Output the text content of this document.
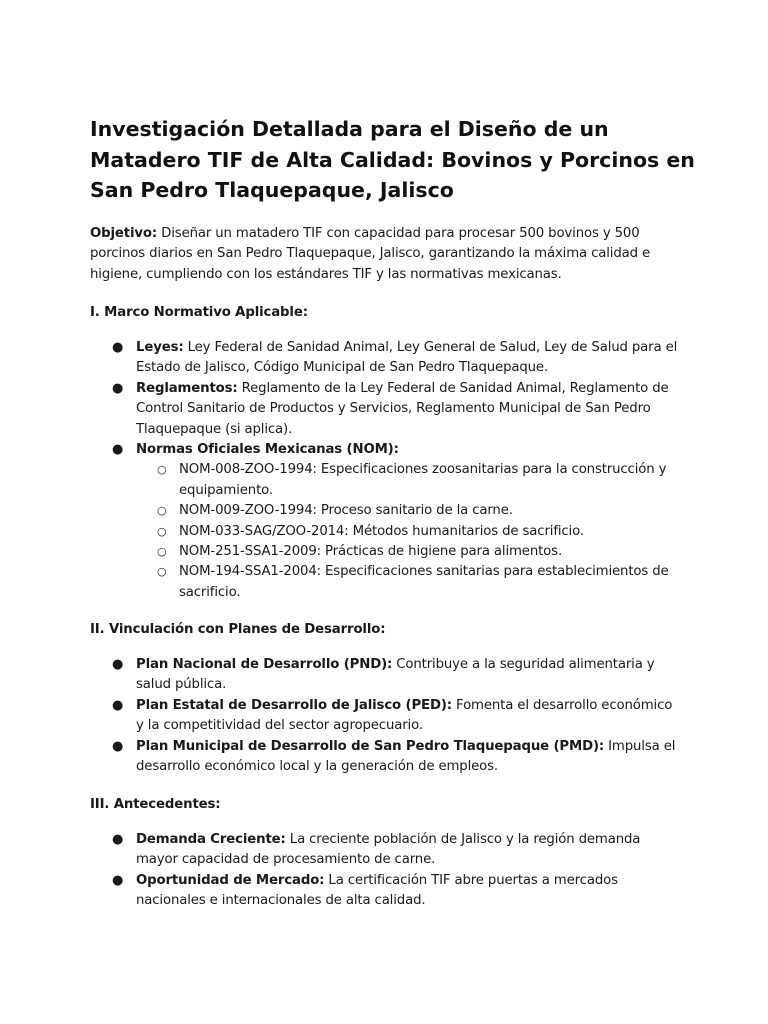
Investigación Detallada para el Diseño de un Matadero TIF de Alta Calidad: Bovinos y Porcinos en San Pedro Tlaquepaque, Jalisco

Objetivo: Diseñar un matadero TIF con capacidad para procesar 500 bovinos y 500 porcinos diarios en San Pedro Tlaquepaque, Jalisco, garantizando la máxima calidad e higiene, cumpliendo con los estándares TIF y las normativas mexicanas.

I. Marco Normativo Aplicable:

● Leyes: Ley Federal de Sanidad Animal, Ley General de Salud, Ley de Salud para el Estado de Jalisco, Código Municipal de San Pedro Tlaquepaque.
● Reglamentos: Reglamento de la Ley Federal de Sanidad Animal, Reglamento de Control Sanitario de Productos y Servicios, Reglamento Municipal de San Pedro Tlaquepaque (si aplica).
● Normas Oficiales Mexicanas (NOM):
○ NOM-008-ZOO-1994: Especificaciones zoosanitarias para la construcción y equipamiento.
○ NOM-009-ZOO-1994: Proceso sanitario de la carne.
○ NOM-033-SAG/ZOO-2014: Métodos humanitarios de sacrificio.
○ NOM-251-SSA1-2009: Prácticas de higiene para alimentos.
○ NOM-194-SSA1-2004: Especificaciones sanitarias para establecimientos de sacrificio.

II. Vinculación con Planes de Desarrollo:

● Plan Nacional de Desarrollo (PND): Contribuye a la seguridad alimentaria y salud pública.
● Plan Estatal de Desarrollo de Jalisco (PED): Fomenta el desarrollo económico y la competitividad del sector agropecuario.
● Plan Municipal de Desarrollo de San Pedro Tlaquepaque (PMD): Impulsa el desarrollo económico local y la generación de empleos.

III. Antecedentes:

● Demanda Creciente: La creciente población de Jalisco y la región demanda mayor capacidad de procesamiento de carne.
● Oportunidad de Mercado: La certificación TIF abre puertas a mercados nacionales e internacionales de alta calidad.
